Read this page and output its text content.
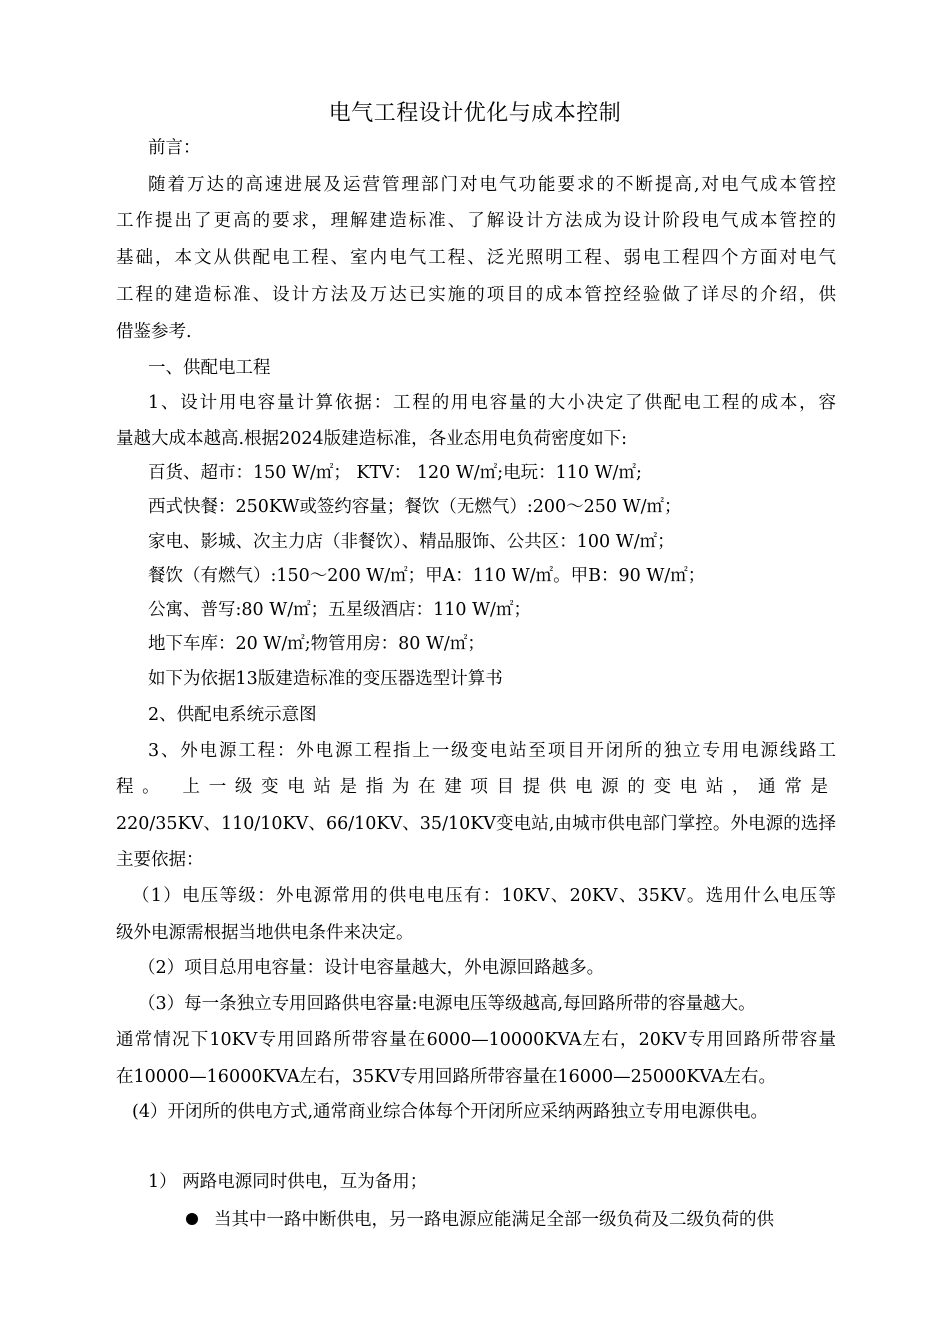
电气工程设计优化与成本控制
前言：
随着万达的高速进展及运营管理部门对电气功能要求的不断提高,对电气成本管控
工作提出了更高的要求，理解建造标准、了解设计方法成为设计阶段电气成本管控的
基础，本文从供配电工程、室内电气工程、泛光照明工程、弱电工程四个方面对电气
工程的建造标准、设计方法及万达已实施的项目的成本管控经验做了详尽的介绍，供
借鉴参考.
一、供配电工程
1、设计用电容量计算依据：工程的用电容量的大小决定了供配电工程的成本，容
量越大成本越高.根据2024版建造标准，各业态用电负荷密度如下:
百货、超市：150 W/㎡； KTV： 120 W/㎡;电玩：110 W/㎡;
西式快餐：250KW或签约容量；餐饮（无燃气）:200～250 W/㎡；
家电、影城、次主力店（非餐饮）、精品服饰、公共区：100 W/㎡；
餐饮（有燃气）:150～200 W/㎡；甲A：110 W/㎡。甲B：90 W/㎡；
公寓、普写:80 W/㎡；五星级酒店：110 W/㎡；
地下车库：20 W/㎡;物管用房：80 W/㎡；
如下为依据13版建造标准的变压器选型计算书
2、供配电系统示意图
3、外电源工程：外电源工程指上一级变电站至项目开闭所的独立专用电源线路工
程。 上一级变电站是指为在建项目提供电源的变电站，通常是
220/35KV、110/10KV、66/10KV、35/10KV变电站,由城市供电部门掌控。外电源的选择
主要依据：
（1）电压等级：外电源常用的供电电压有：10KV、20KV、35KV。选用什么电压等
级外电源需根据当地供电条件来决定。
（2）项目总用电容量：设计电容量越大，外电源回路越多。
（3）每一条独立专用回路供电容量:电源电压等级越高,每回路所带的容量越大。
通常情况下10KV专用回路所带容量在6000—10000KVA左右，20KV专用回路所带容量
在10000—16000KVA左右，35KV专用回路所带容量在16000—25000KVA左右。
(4）开闭所的供电方式,通常商业综合体每个开闭所应采纳两路独立专用电源供电。
1） 两路电源同时供电，互为备用；
当其中一路中断供电，另一路电源应能满足全部一级负荷及二级负荷的供
